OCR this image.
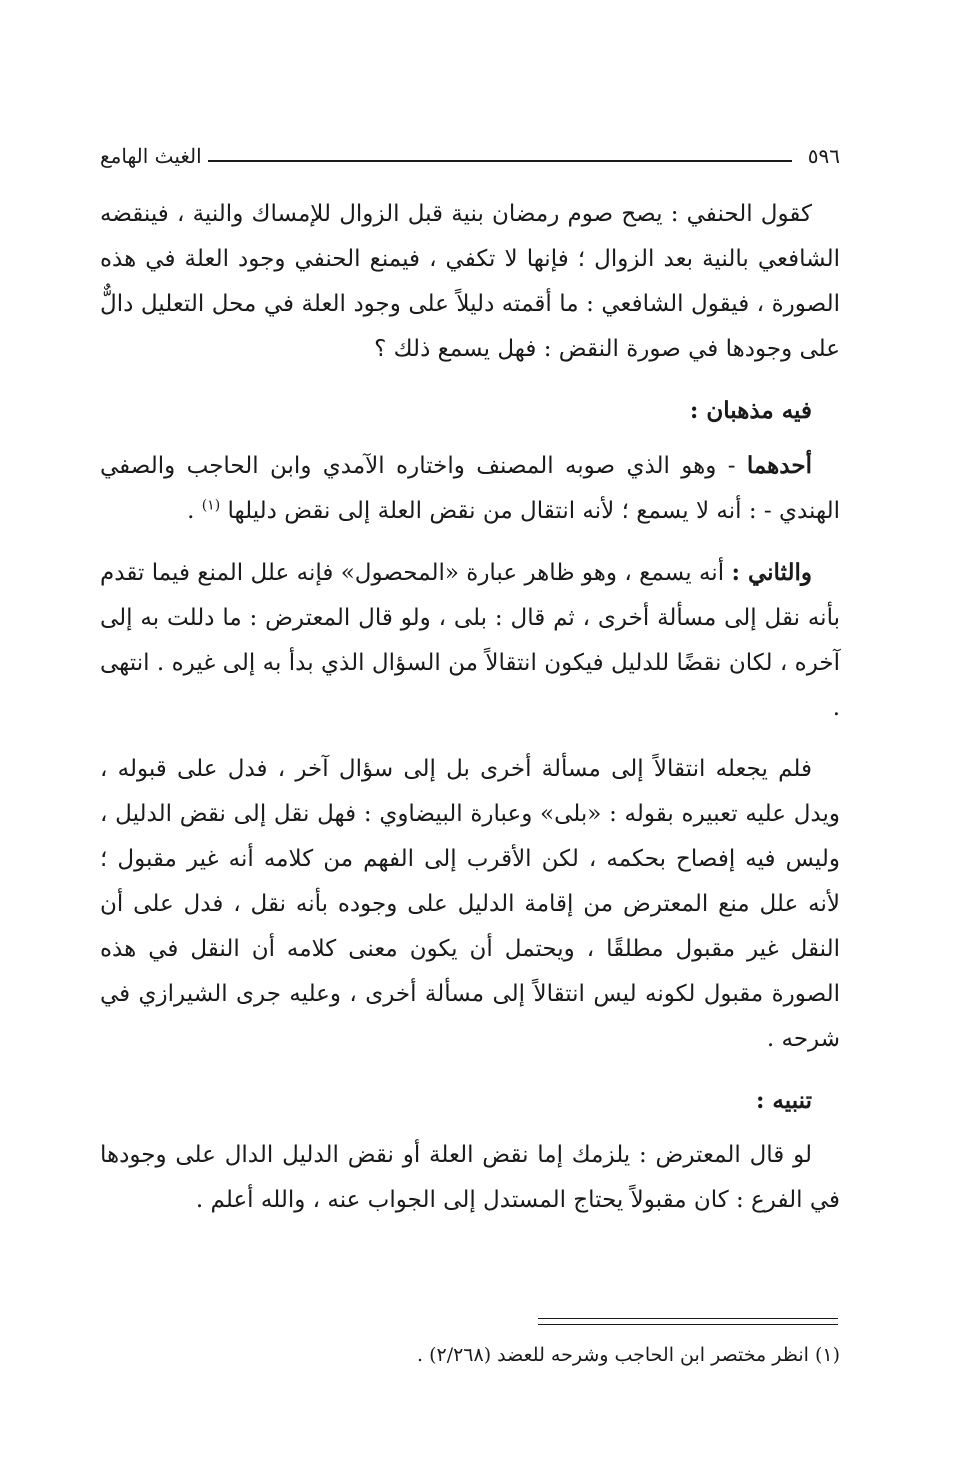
٥٩٦
الغيث الهامع

كقول الحنفي : يصح صوم رمضان بنية قبل الزوال للإمساك والنية ، فينقضه الشافعي بالنية بعد الزوال ؛ فإنها لا تكفي ، فيمنع الحنفي وجود العلة في هذه الصورة ، فيقول الشافعي : ما أقمته دليلاً على وجود العلة في محل التعليل دالٌّ على وجودها في صورة النقض : فهل يسمع ذلك ؟

فيه مذهبان :

أحدهما - وهو الذي صوبه المصنف واختاره الآمدي وابن الحاجب والصفي الهندي - : أنه لا يسمع ؛ لأنه انتقال من نقض العلة إلى نقض دليلها $^{(١)}$ .

والثاني : أنه يسمع ، وهو ظاهر عبارة «المحصول» فإنه علل المنع فيما تقدم بأنه نقل إلى مسألة أخرى ، ثم قال : بلى ، ولو قال المعترض : ما دللت به إلى آخره ، لكان نقضًا للدليل فيكون انتقالاً من السؤال الذي بدأ به إلى غيره . انتهى .

فلم يجعله انتقالاً إلى مسألة أخرى بل إلى سؤال آخر ، فدل على قبوله ، ويدل عليه تعبيره بقوله : «بلى» وعبارة البيضاوي : فهل نقل إلى نقض الدليل ، وليس فيه إفصاح بحكمه ، لكن الأقرب إلى الفهم من كلامه أنه غير مقبول ؛ لأنه علل منع المعترض من إقامة الدليل على وجوده بأنه نقل ، فدل على أن النقل غير مقبول مطلقًا ، ويحتمل أن يكون معنى كلامه أن النقل في هذه الصورة مقبول لكونه ليس انتقالاً إلى مسألة أخرى ، وعليه جرى الشيرازي في شرحه .

تنبيه :

لو قال المعترض : يلزمك إما نقض العلة أو نقض الدليل الدال على وجودها في الفرع : كان مقبولاً يحتاج المستدل إلى الجواب عنه ، والله أعلم .

(١) انظر مختصر ابن الحاجب وشرحه للعضد (٢/٢٦٨) .
